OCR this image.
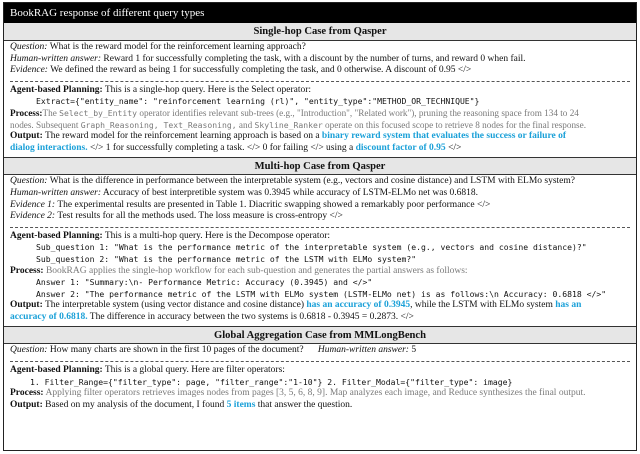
BookRAG response of different query types
Single-hop Case from Qasper
Question: What is the reward model for the reinforcement learning approach?
Human-written answer: Reward 1 for successfully completing the task, with a discount by the number of turns, and reward 0 when fail.
Evidence: We defined the reward as being 1 for successfully completing the task, and 0 otherwise. A discount of 0.95 </>
Agent-based Planning: This is a single-hop query. Here is the Select operator:
Extract={"entity_name": "reinforcement learning (rl)", "entity_type":"METHOD_OR_TECHNIQUE"}
Process:The Select_by_Entity operator identifies relevant sub-trees (e.g., "Introduction", "Related work"), pruning the reasoning space from 134 to 24
nodes. Subsequent Graph_Reasoning, Text_Reasoning, and Skyline_Ranker operate on this focused scope to retrieve 8 nodes for the final response.
Output: The reward model for the reinforcement learning approach is based on a binary reward system that evaluates the success or failure of
dialog interactions. </> 1 for successfully completing a task. </> 0 for failing </> using a discount factor of 0.95 </>
Multi-hop Case from Qasper
Question: What is the difference in performance between the interpretable system (e.g., vectors and cosine distance) and LSTM with ELMo system?
Human-written answer: Accuracy of best interpretible system was 0.3945 while accuracy of LSTM-ELMo net was 0.6818.
Evidence 1: The experimental results are presented in Table 1. Diacritic swapping showed a remarkably poor performance </>
Evidence 2: Test results for all the methods used. The loss measure is cross-entropy </>
Agent-based Planning: This is a multi-hop query. Here is the Decompose operator:
Sub_question 1: "What is the performance metric of the interpretable system (e.g., vectors and cosine distance)?"
Sub_question 2: "What is the performance metric of the LSTM with ELMo system?"
Process: BookRAG applies the single-hop workflow for each sub-question and generates the partial answers as follows:
Answer 1: "Summary:\n- Performance Metric: Accuracy (0.3945) and </>"
Answer 2: "The performance metric of the LSTM with ELMo system (LSTM-ELMo net) is as follows:\n Accuracy: 0.6818 </>"
Output: The interpretable system (using vector distance and cosine distance) has an accuracy of 0.3945, while the LSTM with ELMo system has an
accuracy of 0.6818. The difference in accuracy between the two systems is 0.6818 - 0.3945 = 0.2873. </>
Global Aggregation Case from MMLongBench
Question: How many charts are shown in the first 10 pages of the document? Human-written answer: 5
Agent-based Planning: This is a global query. Here are filter operators:
1. Filter_Range={"filter_type": page, "filter_range":"1-10"} 2. Filter_Modal={"filter_type": image}
Process: Applying filter operators retrieves images nodes from pages [3, 5, 6, 8, 9]. Map analyzes each image, and Reduce synthesizes the final output.
Output: Based on my analysis of the document, I found 5 items that answer the question.
